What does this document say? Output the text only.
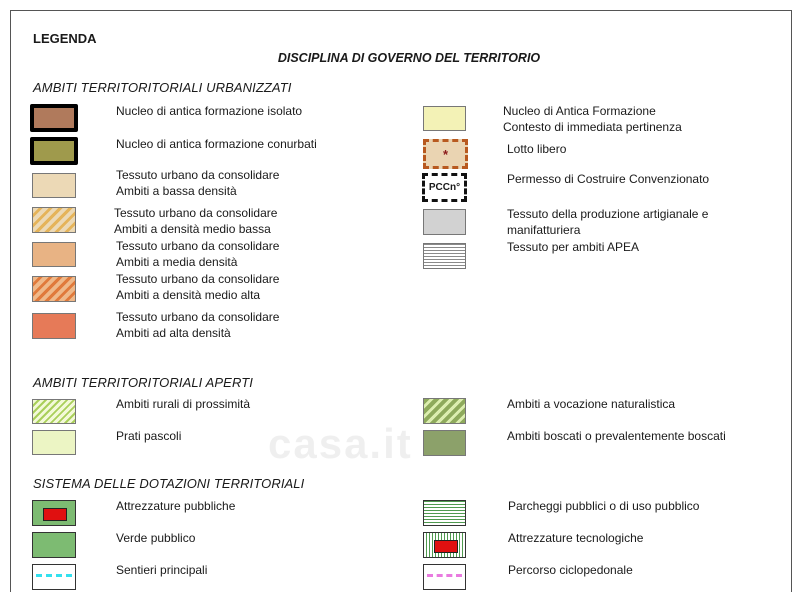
LEGENDA
DISCIPLINA DI GOVERNO DEL TERRITORIO
AMBITI TERRITORITORIALI URBANIZZATI
AMBITI TERRITORITORIALI APERTI
SISTEMA DELLE DOTAZIONI TERRITORIALI
Nucleo di antica formazione isolato
Nucleo di antica formazione conurbati
Tessuto urbano da consolidare
Ambiti a bassa densità
Tessuto urbano da consolidare
Ambiti a densità medio bassa
Tessuto urbano da consolidare
Ambiti a media densità
Tessuto urbano da consolidare
Ambiti a densità medio alta
Tessuto urbano da consolidare
Ambiti ad alta densità
Nucleo di Antica Formazione
Contesto di immediata pertinenza
*	Lotto libero
PCCn°
Permesso di Costruire Convenzionato
Tessuto della produzione artigianale e
manifatturiera
Tessuto per ambiti APEA
Ambiti rurali di prossimità
Prati pascoli
Ambiti a vocazione naturalistica
Ambiti boscati o prevalentemente boscati
Attrezzature pubbliche
Verde pubblico
Sentieri principali
Parcheggi pubblici o di uso pubblico
Attrezzature tecnologiche
Percorso ciclopedonale
casa.it
